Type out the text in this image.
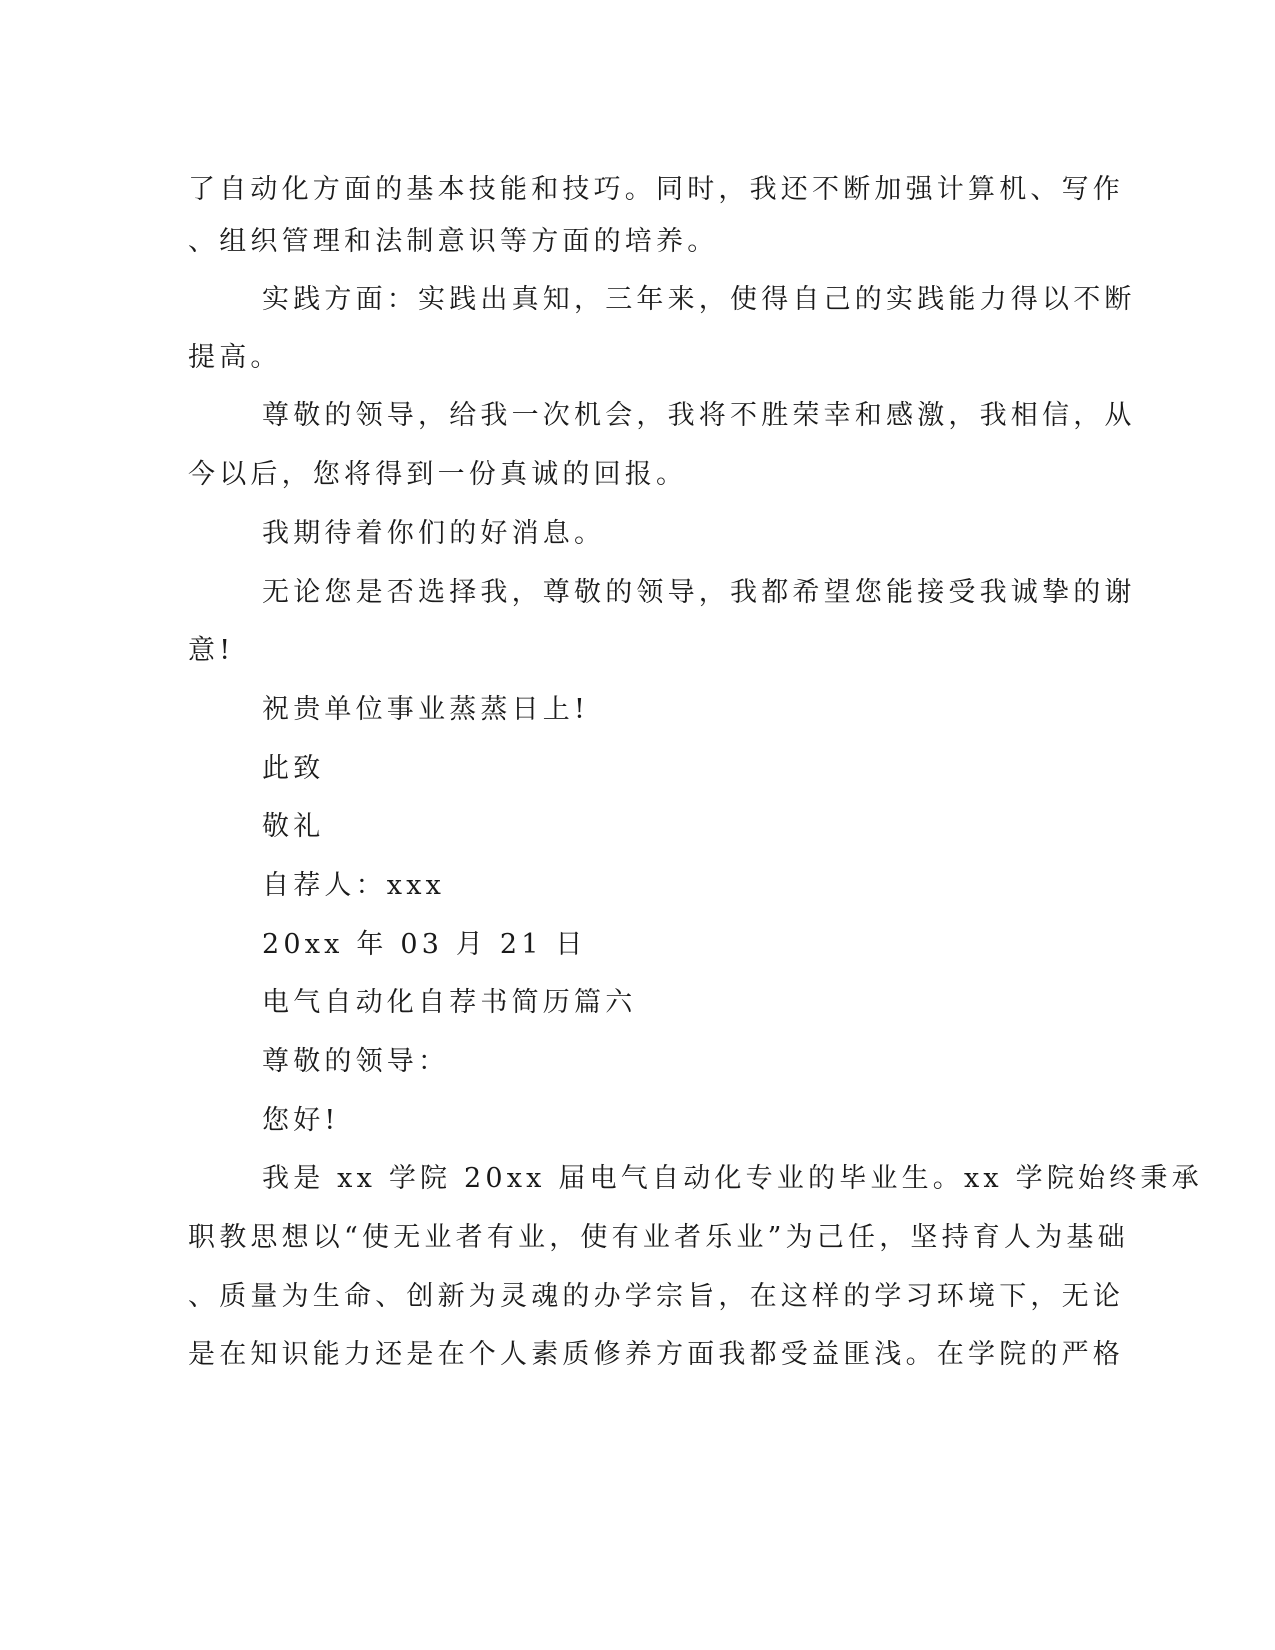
了自动化方面的基本技能和技巧。同时，我还不断加强计算机、写作
、组织管理和法制意识等方面的培养。
实践方面：实践出真知，三年来，使得自己的实践能力得以不断
提高。
尊敬的领导，给我一次机会，我将不胜荣幸和感激，我相信，从
今以后，您将得到一份真诚的回报。
我期待着你们的好消息。
无论您是否选择我，尊敬的领导，我都希望您能接受我诚挚的谢
意!
祝贵单位事业蒸蒸日上!
此致
敬礼
自荐人：xxx
20xx 年 03 月 21 日
电气自动化自荐书简历篇六
尊敬的领导：
您好!
我是 xx 学院 20xx 届电气自动化专业的毕业生。xx 学院始终秉承
职教思想以“使无业者有业，使有业者乐业”为己任，坚持育人为基础
、质量为生命、创新为灵魂的办学宗旨，在这样的学习环境下，无论
是在知识能力还是在个人素质修养方面我都受益匪浅。在学院的严格
